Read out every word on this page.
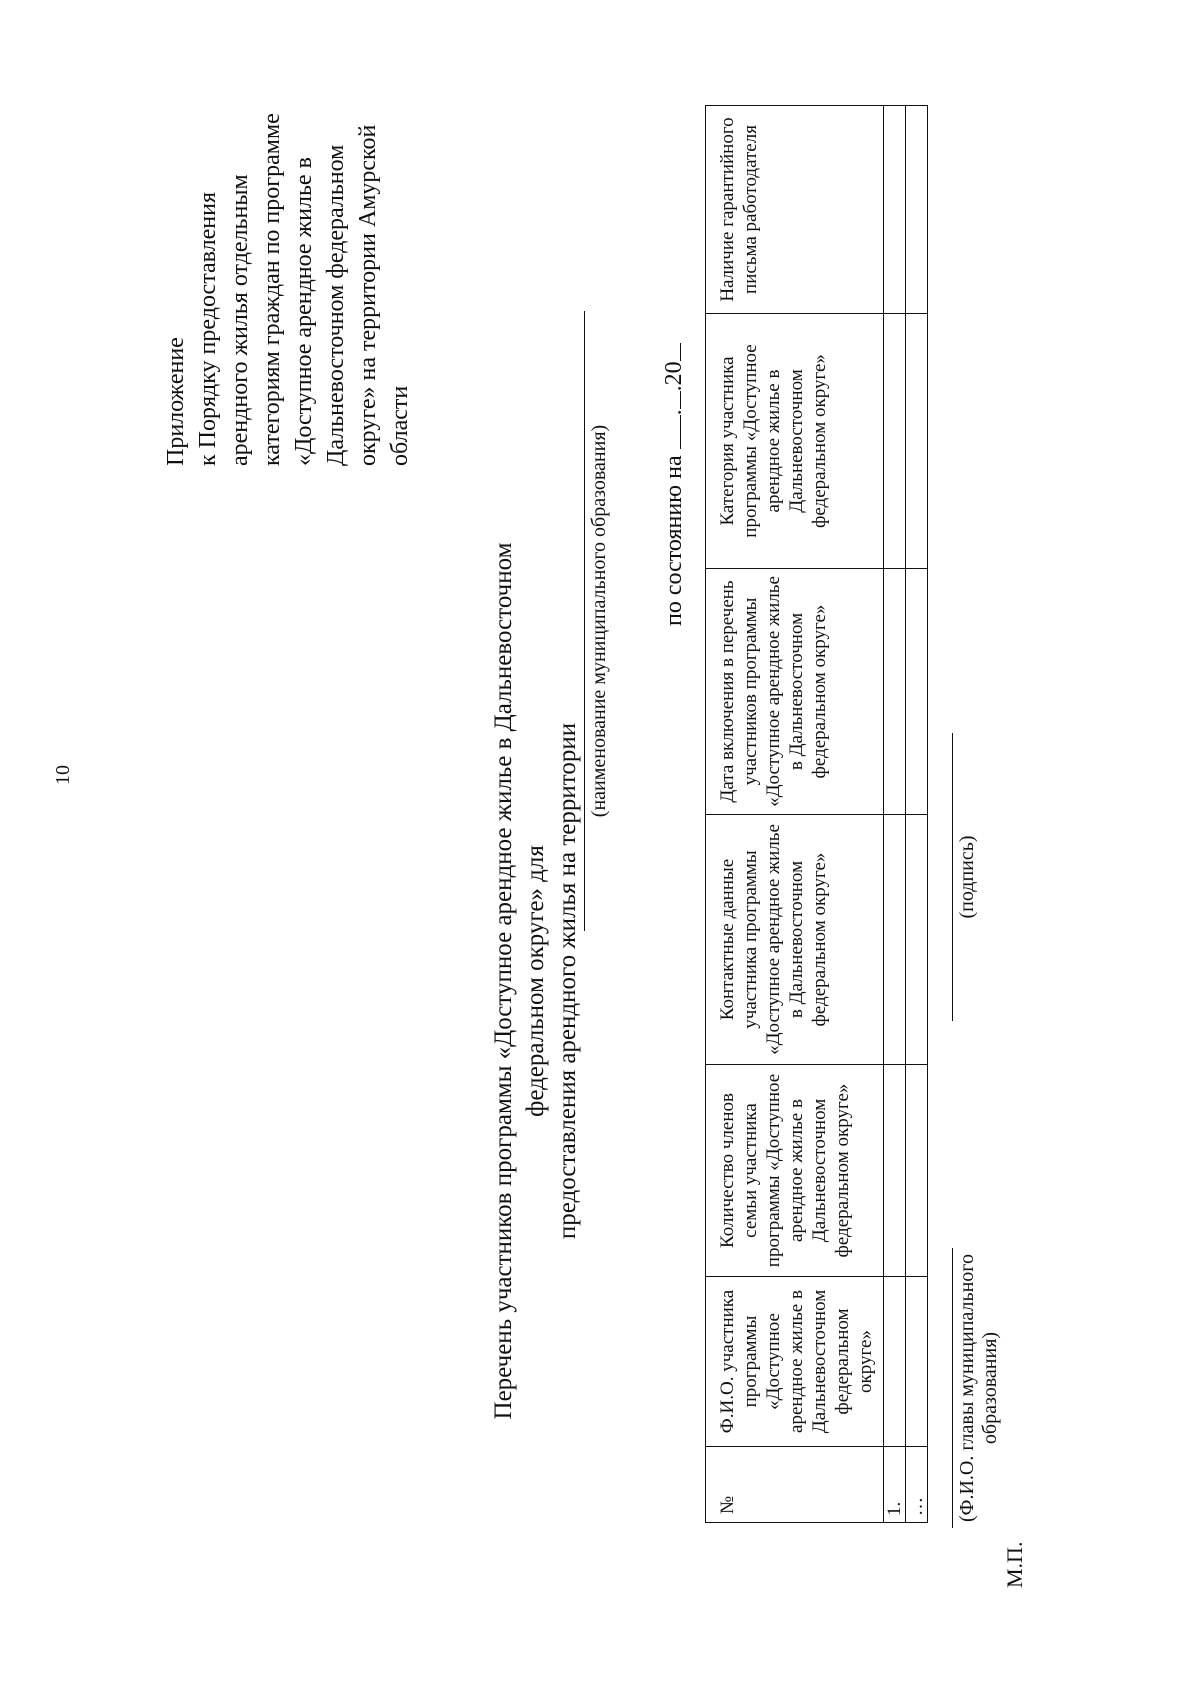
10
Приложение к Порядку предоставления арендного жилья отдельным категориям граждан по программе «Доступное арендное жилье в Дальневосточном федеральном округе» на территории Амурской области
Перечень участников программы «Доступное арендное жилье в Дальневосточном федеральном округе» для предоставления арендного жилья на территории
(наименование муниципального образования) по состоянию на ..20
№	Ф.И.О. участника программы «Доступное арендное жилье в Дальневосточном федеральном округе»	Количество членов семьи участника программы «Доступное арендное жилье в Дальневосточном федеральном округе»	Контактные данные участника программы «Доступное арендное жилье в Дальневосточном федеральном округе»	Дата включения в перечень участников программы «Доступное арендное жилье в Дальневосточном федеральном округе»	Категория участника программы «Доступное арендное жилье в Дальневосточном федеральном округе»	Наличие гарантийного письма работодателя
1.						
…						(Ф.И.О. главы муниципального образования)
(подпись)
М.П.
